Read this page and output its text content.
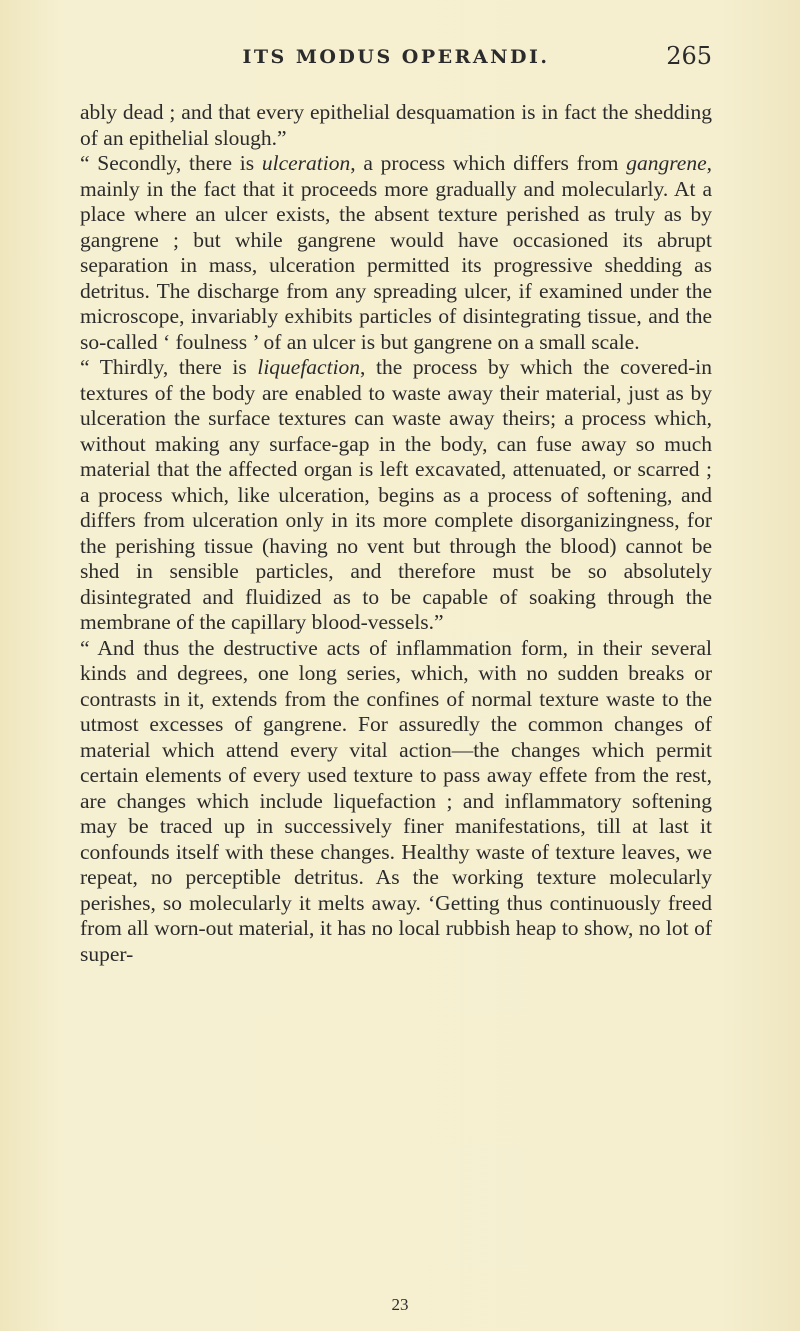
ITS MODUS OPERANDI.	265

ably dead ; and that every epithelial desquamation is in fact the shedding of an epithelial slough.”

“ Secondly, there is ulceration, a process which differs from gangrene, mainly in the fact that it proceeds more gradually and molecularly. At a place where an ulcer exists, the absent texture perished as truly as by gangrene ; but while gangrene would have occasioned its abrupt separation in mass, ulceration permitted its progressive shedding as detritus. The discharge from any spreading ulcer, if examined under the microscope, invariably exhibits particles of disintegrating tissue, and the so-called ‘ foulness ’ of an ulcer is but gangrene on a small scale.

“ Thirdly, there is liquefaction, the process by which the covered-in textures of the body are enabled to waste away their material, just as by ulceration the surface textures can waste away theirs; a process which, without making any surface-gap in the body, can fuse away so much material that the affected organ is left excavated, attenuated, or scarred ; a process which, like ulceration, begins as a process of softening, and differs from ulceration only in its more complete disorganizingness, for the perishing tissue (having no vent but through the blood) cannot be shed in sensible particles, and therefore must be so absolutely disintegrated and fluidized as to be capable of soaking through the membrane of the capillary blood-vessels.”

“ And thus the destructive acts of inflammation form, in their several kinds and degrees, one long series, which, with no sudden breaks or contrasts in it, extends from the confines of normal texture waste to the utmost excesses of gangrene. For assuredly the common changes of material which attend every vital action—the changes which permit certain elements of every used texture to pass away effete from the rest, are changes which include liquefaction ; and inflammatory softening may be traced up in successively finer manifestations, till at last it confounds itself with these changes. Healthy waste of texture leaves, we repeat, no perceptible detritus. As the working texture molecularly perishes, so molecularly it melts away. ‘Getting thus continuously freed from all worn-out material, it has no local rubbish heap to show, no lot of super-

23
